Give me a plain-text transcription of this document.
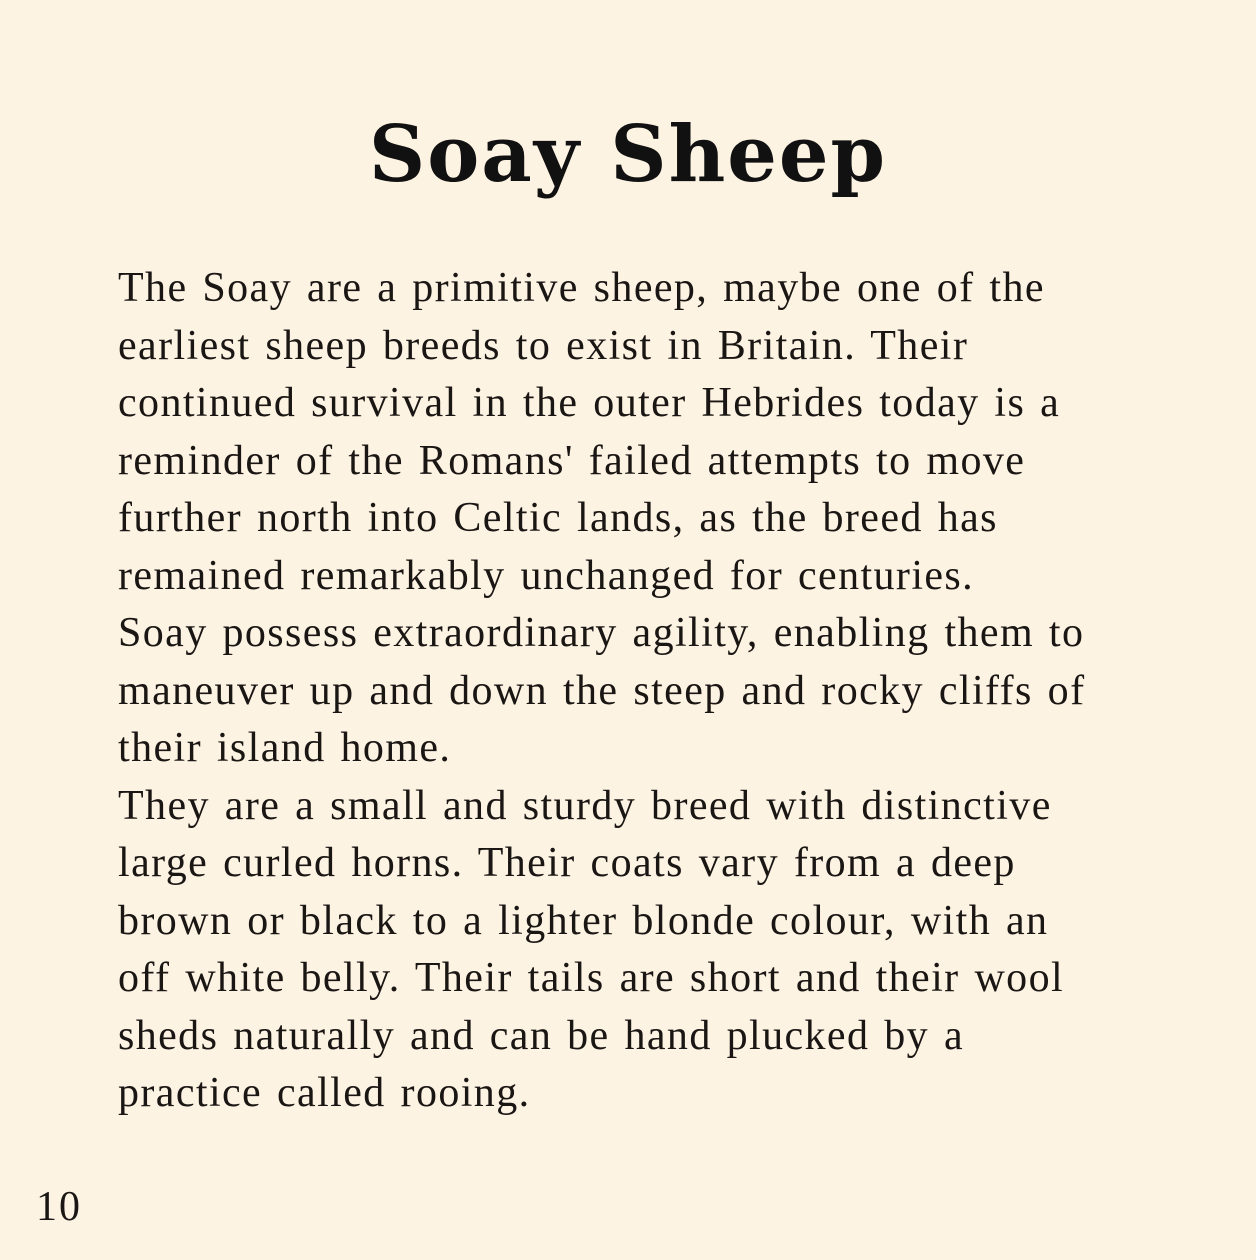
Soay Sheep
The Soay are a primitive sheep, maybe one of the
earliest sheep breeds to exist in Britain. Their
continued survival in the outer Hebrides today is a
reminder of the Romans' failed attempts to move
further north into Celtic lands, as the breed has
remained remarkably unchanged for centuries.
Soay possess extraordinary agility, enabling them to
maneuver up and down the steep and rocky cliffs of
their island home.
They are a small and sturdy breed with distinctive
large curled horns. Their coats vary from a deep
brown or black to a lighter blonde colour, with an
off white belly. Their tails are short and their wool
sheds naturally and can be hand plucked by a
practice called rooing.
10
